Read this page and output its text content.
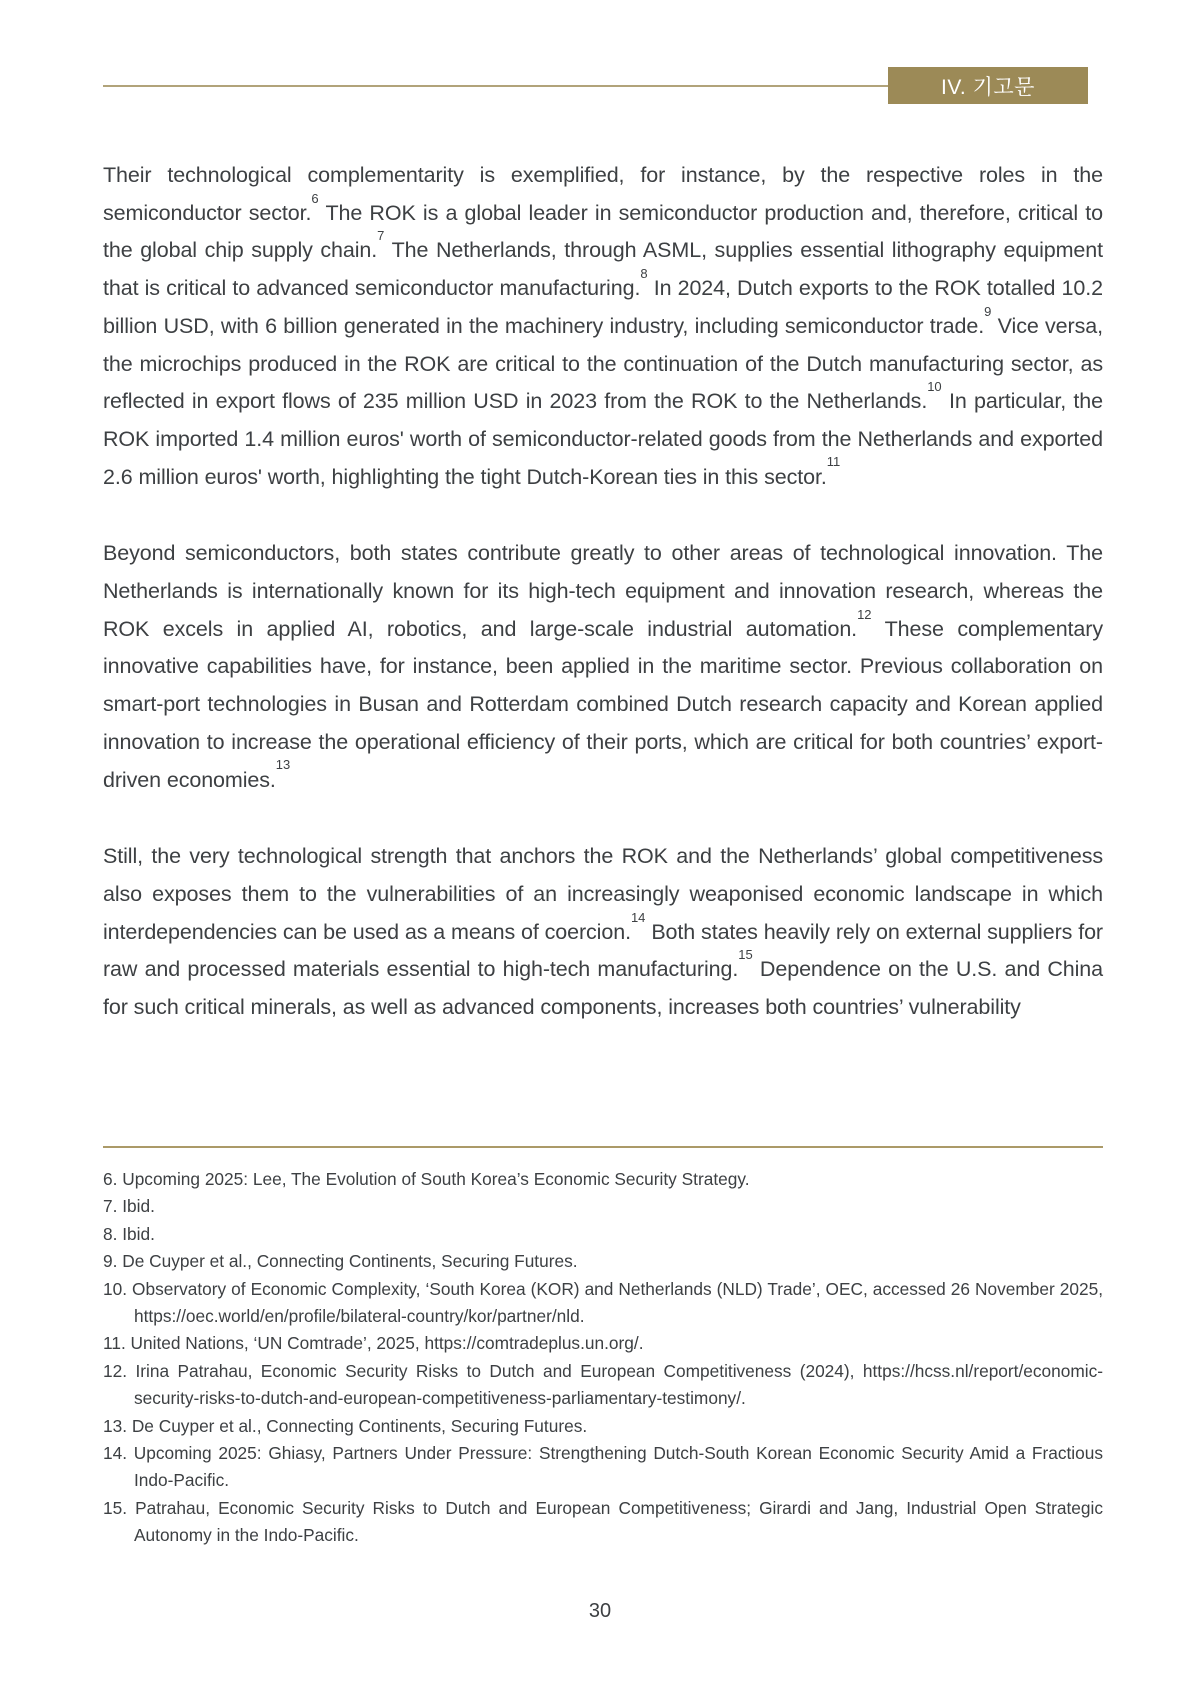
IV. 기고문

Their technological complementarity is exemplified, for instance, by the respective roles in the semiconductor sector.$^6$ The ROK is a global leader in semiconductor production and, therefore, critical to the global chip supply chain.$^7$ The Netherlands, through ASML, supplies essential lithography equipment that is critical to advanced semiconductor manufacturing.$^8$ In 2024, Dutch exports to the ROK totalled 10.2 billion USD, with 6 billion generated in the machinery industry, including semiconductor trade.$^9$ Vice versa, the microchips produced in the ROK are critical to the continuation of the Dutch manufacturing sector, as reflected in export flows of 235 million USD in 2023 from the ROK to the Netherlands.$^{10}$ In particular, the ROK imported 1.4 million euros' worth of semiconductor-related goods from the Netherlands and exported 2.6 million euros' worth, highlighting the tight Dutch-Korean ties in this sector.$^{11}$

Beyond semiconductors, both states contribute greatly to other areas of technological innovation. The Netherlands is internationally known for its high-tech equipment and innovation research, whereas the ROK excels in applied AI, robotics, and large-scale industrial automation.$^{12}$ These complementary innovative capabilities have, for instance, been applied in the maritime sector. Previous collaboration on smart-port technologies in Busan and Rotterdam combined Dutch research capacity and Korean applied innovation to increase the operational efficiency of their ports, which are critical for both countries’ export-driven economies.$^{13}$

Still, the very technological strength that anchors the ROK and the Netherlands’ global competitiveness also exposes them to the vulnerabilities of an increasingly weaponised economic landscape in which interdependencies can be used as a means of coercion.$^{14}$ Both states heavily rely on external suppliers for raw and processed materials essential to high-tech manufacturing.$^{15}$ Dependence on the U.S. and China for such critical minerals, as well as advanced components, increases both countries’ vulnerability

6. Upcoming 2025: Lee, The Evolution of South Korea’s Economic Security Strategy.
7. Ibid.
8. Ibid.
9. De Cuyper et al., Connecting Continents, Securing Futures.
10. Observatory of Economic Complexity, ‘South Korea (KOR) and Netherlands (NLD) Trade’, OEC, accessed 26 November 2025, https://oec.world/en/profile/bilateral-country/kor/partner/nld.
11. United Nations, ‘UN Comtrade’, 2025, https://comtradeplus.un.org/.
12. Irina Patrahau, Economic Security Risks to Dutch and European Competitiveness (2024), https://hcss.nl/report/economic-security-risks-to-dutch-and-european-competitiveness-parliamentary-testimony/.
13. De Cuyper et al., Connecting Continents, Securing Futures.
14. Upcoming 2025: Ghiasy, Partners Under Pressure: Strengthening Dutch-South Korean Economic Security Amid a Fractious Indo-Pacific.
15. Patrahau, Economic Security Risks to Dutch and European Competitiveness; Girardi and Jang, Industrial Open Strategic Autonomy in the Indo-Pacific.
30
